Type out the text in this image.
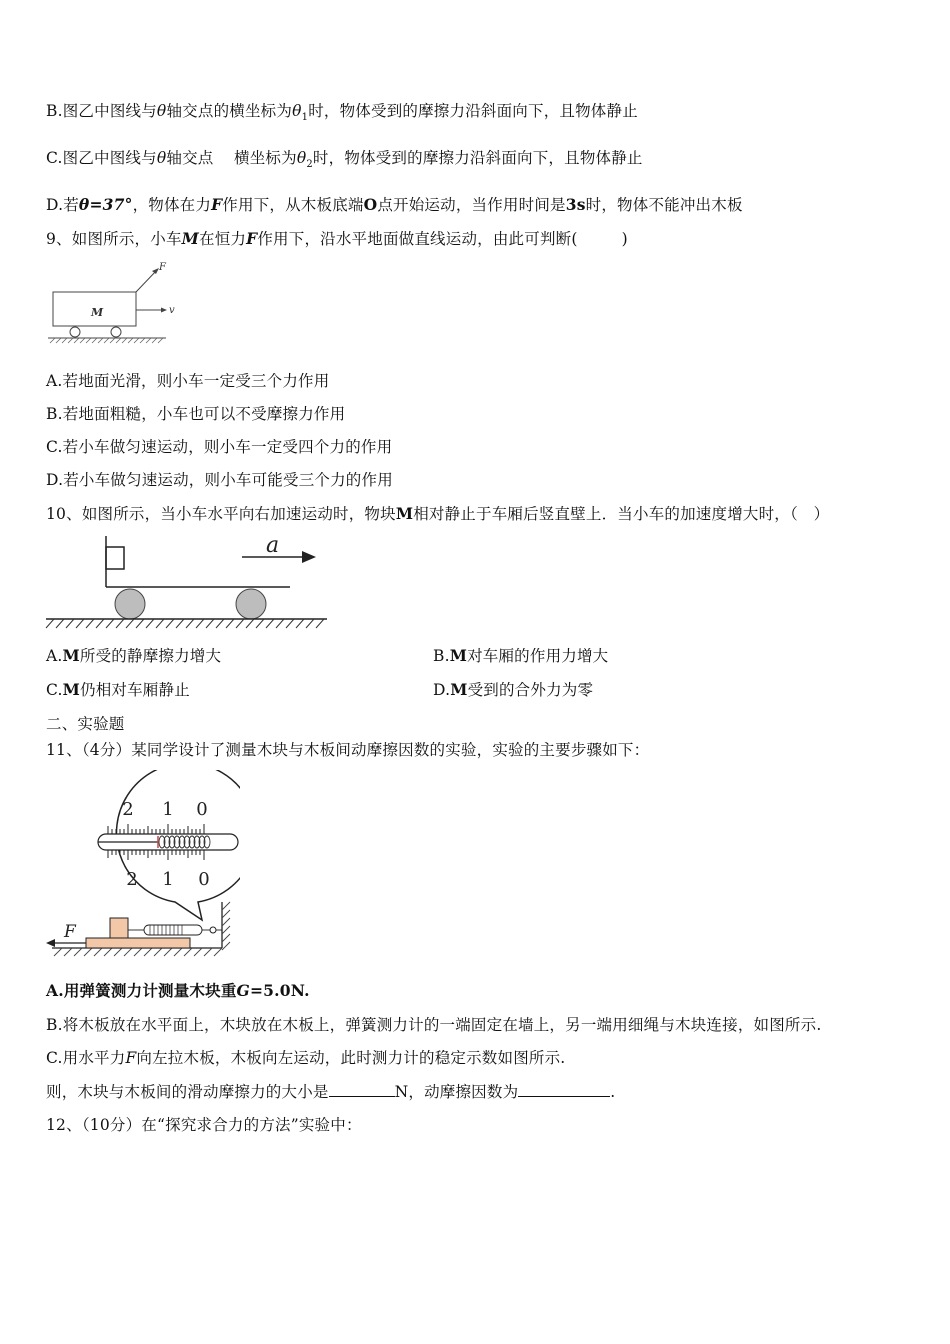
B.图乙中图线与θ轴交点的横坐标为$\theta_1$时，物体受到的摩擦力沿斜面向下，且物体静止
C.图乙中图线与θ轴交点    横坐标为$\theta_2$时，物体受到的摩擦力沿斜面向下，且物体静止
D.若θ=37°，物体在力F作用下，从木板底端O点开始运动，当作用时间是3s时，物体不能冲出木板
9、如图所示，小车M在恒力F作用下，沿水平地面做直线运动，由此可判断(	)
M
F
v
A.若地面光滑，则小车一定受三个力作用
B.若地面粗糙，小车也可以不受摩擦力作用
C.若小车做匀速运动，则小车一定受四个力的作用
D.若小车做匀速运动，则小车可能受三个力的作用
10、如图所示，当小车水平向右加速运动时，物块M相对静止于车厢后竖直壁上．当小车的加速度增大时，（　）
a
A.M所受的静摩擦力增大	B.M对车厢的作用力增大
C.M仍相对车厢静止	D.M受到的合外力为零
二、实验题
11、（4分）某同学设计了测量木块与木板间动摩擦因数的实验，实验的主要步骤如下：
2 1 0
2 1 0
F
A.用弹簧测力计测量木块重G=5.0N.
B.将木板放在水平面上，木块放在木板上，弹簧测力计的一端固定在墙上，另一端用细绳与木块连接，如图所示.
C.用水平力F向左拉木板，木板向左运动，此时测力计的稳定示数如图所示.
则，木块与木板间的滑动摩擦力的大小是	N，动摩擦因数为	.
12、（10分）在“探究求合力的方法”实验中：
